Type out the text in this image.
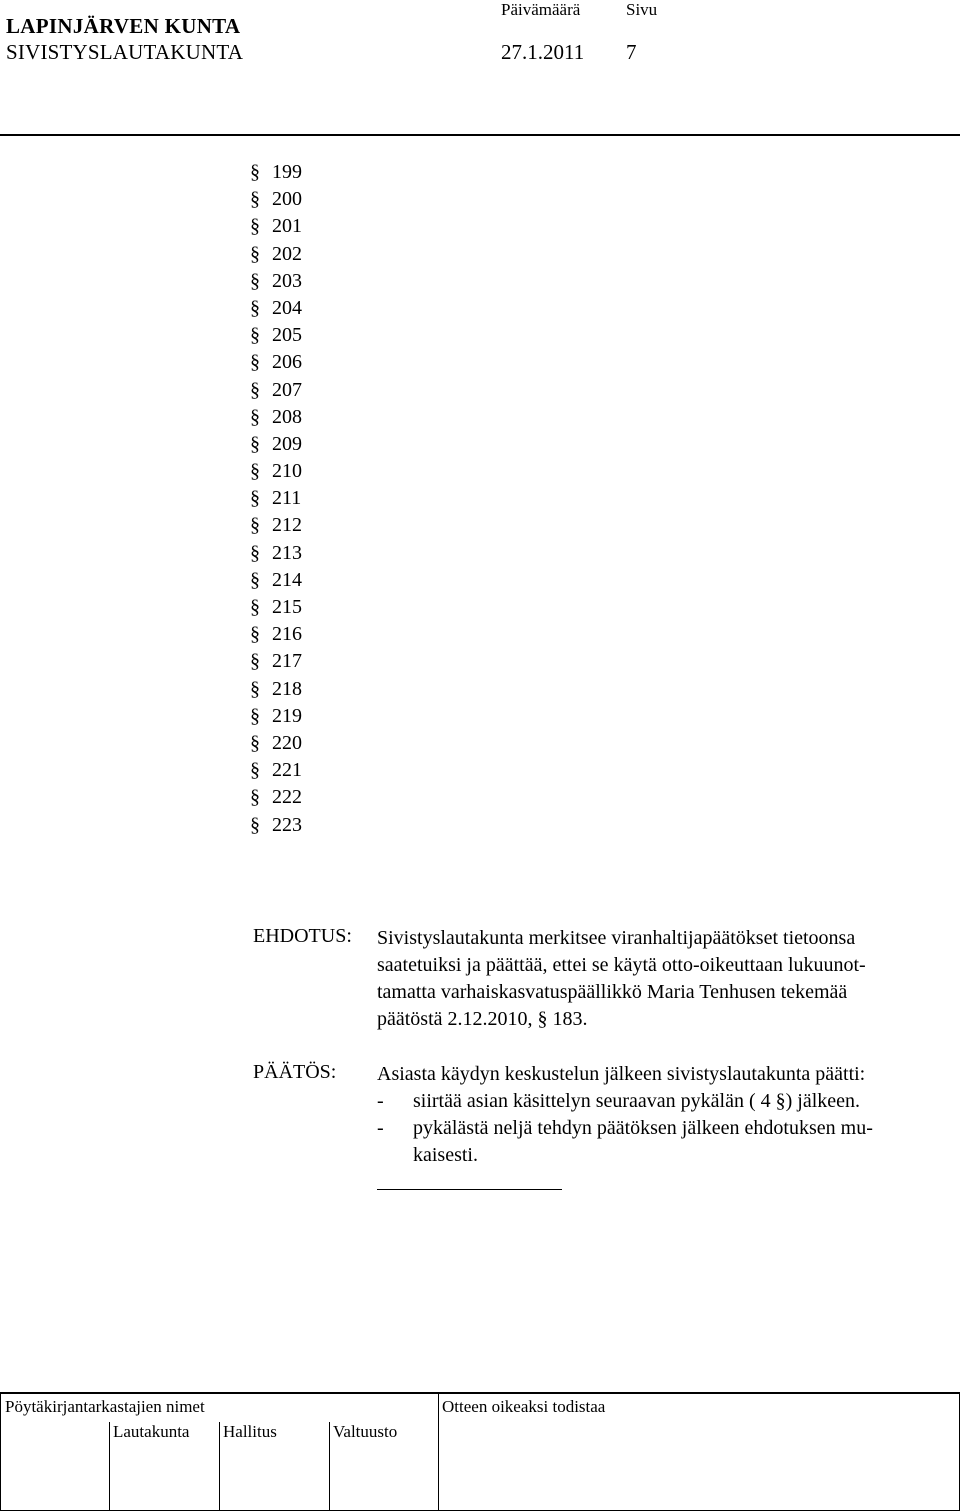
LAPINJÄRVEN KUNTA
SIVISTYSLAUTAKUNTA
Päivämäärä	Sivu
27.1.2011 7
§ 199
§ 200
§ 201
§ 202
§ 203
§ 204
§ 205
§ 206
§ 207
§ 208
§ 209
§ 210
§ 211
§ 212
§ 213
§ 214
§ 215
§ 216
§ 217
§ 218
§ 219
§ 220
§ 221
§ 222
§ 223
EHDOTUS: Sivistyslautakunta merkitsee viranhaltijapäätökset tietoonsa
saatetuiksi ja päättää, ettei se käytä otto-oikeuttaan lukuunot-
tamatta varhaiskasvatuspäällikkö Maria Tenhusen tekemää
päätöstä 2.12.2010, § 183.
PÄÄTÖS: Asiasta käydyn keskustelun jälkeen sivistyslautakunta päätti:
- siirtää asian käsittelyn seuraavan pykälän ( 4 §) jälkeen.
- pykälästä neljä tehdyn päätöksen jälkeen ehdotuksen mu-
kaisesti.
Pöytäkirjantarkastajien nimet	Otteen oikeaksi todistaa
Lautakunta Hallitus	Valtuusto
